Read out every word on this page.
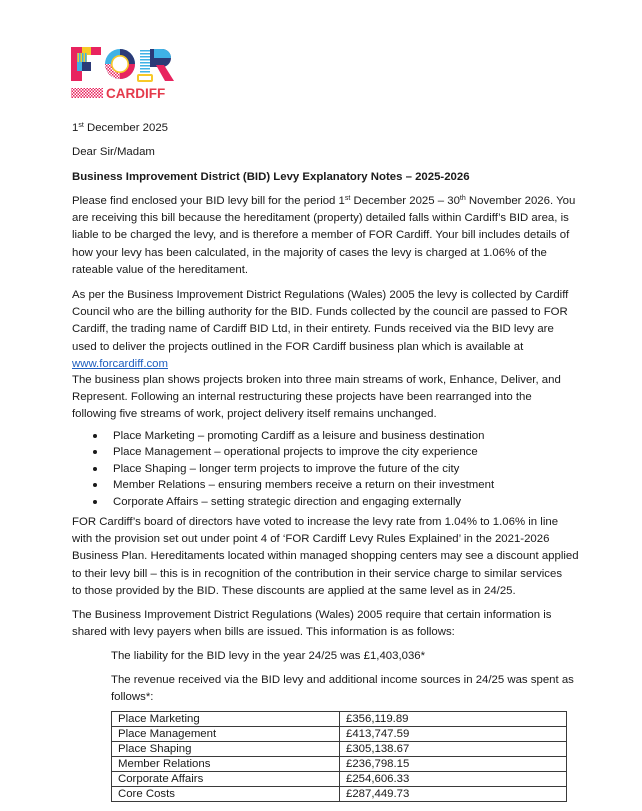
CARDIFF
1st December 2025
Dear Sir/Madam
Business Improvement District (BID) Levy Explanatory Notes – 2025-2026
Please find enclosed your BID levy bill for the period 1st December 2025 – 30th November 2026. You
are receiving this bill because the hereditament (property) detailed falls within Cardiff’s BID area, is
liable to be charged the levy, and is therefore a member of FOR Cardiff. Your bill includes details of
how your levy has been calculated, in the majority of cases the levy is charged at 1.06% of the
rateable value of the hereditament.
As per the Business Improvement District Regulations (Wales) 2005 the levy is collected by Cardiff
Council who are the billing authority for the BID. Funds collected by the council are passed to FOR
Cardiff, the trading name of Cardiff BID Ltd, in their entirety. Funds received via the BID levy are
used to deliver the projects outlined in the FOR Cardiff business plan which is available at
www.forcardiff.com
The business plan shows projects broken into three main streams of work, Enhance, Deliver, and
Represent. Following an internal restructuring these projects have been rearranged into the
following five streams of work, project delivery itself remains unchanged.
Place Marketing – promoting Cardiff as a leisure and business destination
Place Management – operational projects to improve the city experience
Place Shaping – longer term projects to improve the future of the city
Member Relations – ensuring members receive a return on their investment
Corporate Affairs – setting strategic direction and engaging externally
FOR Cardiff’s board of directors have voted to increase the levy rate from 1.04% to 1.06% in line
with the provision set out under point 4 of ‘FOR Cardiff Levy Rules Explained’ in the 2021-2026
Business Plan. Hereditaments located within managed shopping centers may see a discount applied
to their levy bill – this is in recognition of the contribution in their service charge to similar services
to those provided by the BID. These discounts are applied at the same level as in 24/25.
The Business Improvement District Regulations (Wales) 2005 require that certain information is
shared with levy payers when bills are issued. This information is as follows:
The liability for the BID levy in the year 24/25 was £1,403,036*
The revenue received via the BID levy and additional income sources in 24/25 was spent as
follows*:
Place Marketing	£356,119.89
Place Management	£413,747.59
Place Shaping	£305,138.67
Member Relations	£236,798.15
Corporate Affairs	£254,606.33
Core Costs	£287,449.73
